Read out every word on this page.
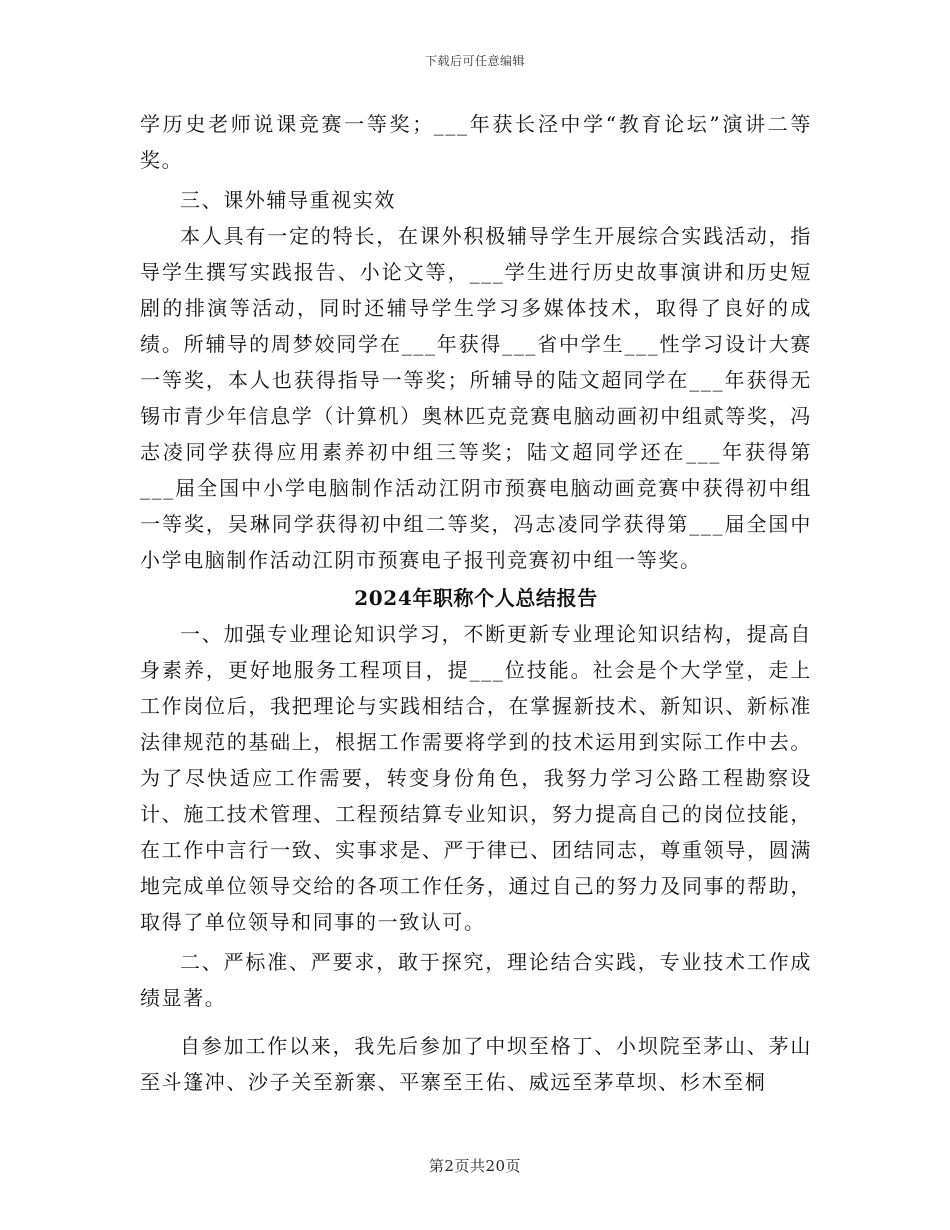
下载后可任意编辑

学历史老师说课竞赛一等奖；___年获长泾中学“教育论坛”演讲二等奖。

三、课外辅导重视实效

本人具有一定的特长，在课外积极辅导学生开展综合实践活动，指导学生撰写实践报告、小论文等，___学生进行历史故事演讲和历史短剧的排演等活动，同时还辅导学生学习多媒体技术，取得了良好的成绩。所辅导的周梦姣同学在___年获得___省中学生___性学习设计大赛一等奖，本人也获得指导一等奖；所辅导的陆文超同学在___年获得无锡市青少年信息学（计算机）奥林匹克竞赛电脑动画初中组贰等奖，冯志凌同学获得应用素养初中组三等奖；陆文超同学还在___年获得第___届全国中小学电脑制作活动江阴市预赛电脑动画竞赛中获得初中组一等奖，吴琳同学获得初中组二等奖，冯志凌同学获得第___届全国中小学电脑制作活动江阴市预赛电子报刊竞赛初中组一等奖。

2024年职称个人总结报告

一、加强专业理论知识学习，不断更新专业理论知识结构，提高自身素养，更好地服务工程项目，提___位技能。社会是个大学堂，走上工作岗位后，我把理论与实践相结合，在掌握新技术、新知识、新标准法律规范的基础上，根据工作需要将学到的技术运用到实际工作中去。为了尽快适应工作需要，转变身份角色，我努力学习公路工程勘察设计、施工技术管理、工程预结算专业知识，努力提高自己的岗位技能，在工作中言行一致、实事求是、严于律已、团结同志，尊重领导，圆满地完成单位领导交给的各项工作任务，通过自己的努力及同事的帮助，取得了单位领导和同事的一致认可。

二、严标准、严要求，敢于探究，理论结合实践，专业技术工作成绩显著。

自参加工作以来，我先后参加了中坝至格丁、小坝院至茅山、茅山至斗篷冲、沙子关至新寨、平寨至王佑、威远至茅草坝、杉木至桐

第2页共20页
